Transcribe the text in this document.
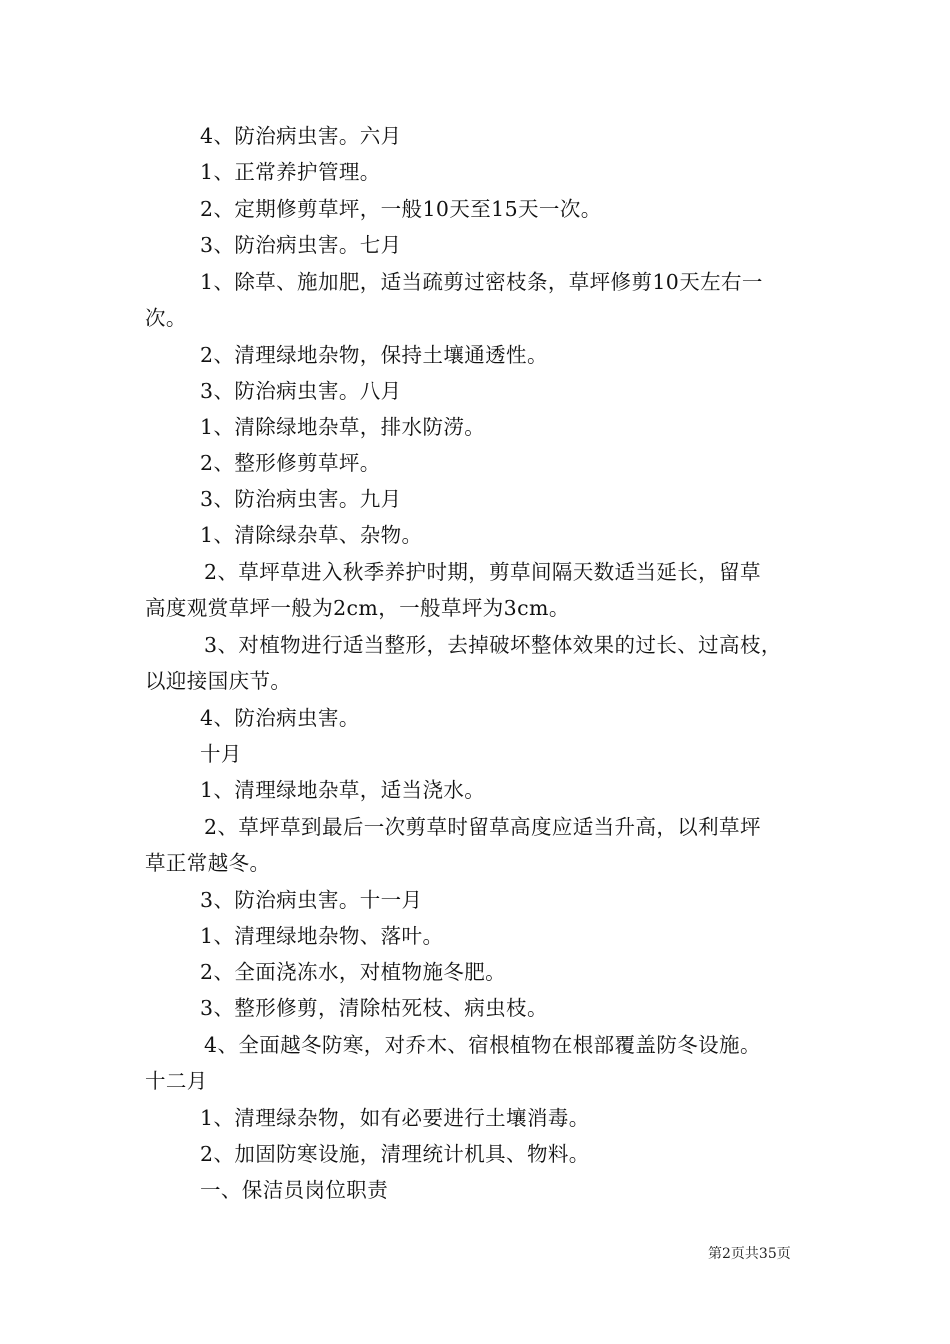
4、防治病虫害。六月
1、正常养护管理。
2、定期修剪草坪，一般10天至15天一次。
3、防治病虫害。七月
1、除草、施加肥，适当疏剪过密枝条，草坪修剪10天左右一
次。
2、清理绿地杂物，保持土壤通透性。
3、防治病虫害。八月
1、清除绿地杂草，排水防涝。
2、整形修剪草坪。
3、防治病虫害。九月
1、清除绿杂草、杂物。
2、草坪草进入秋季养护时期，剪草间隔天数适当延长，留草
高度观赏草坪一般为2cm，一般草坪为3cm。
3、对植物进行适当整形，去掉破坏整体效果的过长、过高枝，
以迎接国庆节。
4、防治病虫害。
十月
1、清理绿地杂草，适当浇水。
2、草坪草到最后一次剪草时留草高度应适当升高，以利草坪
草正常越冬。
3、防治病虫害。十一月
1、清理绿地杂物、落叶。
2、全面浇冻水，对植物施冬肥。
3、整形修剪，清除枯死枝、病虫枝。
4、全面越冬防寒，对乔木、宿根植物在根部覆盖防冬设施。
十二月
1、清理绿杂物，如有必要进行土壤消毒。
2、加固防寒设施，清理统计机具、物料。
一、保洁员岗位职责
第2页共35页
